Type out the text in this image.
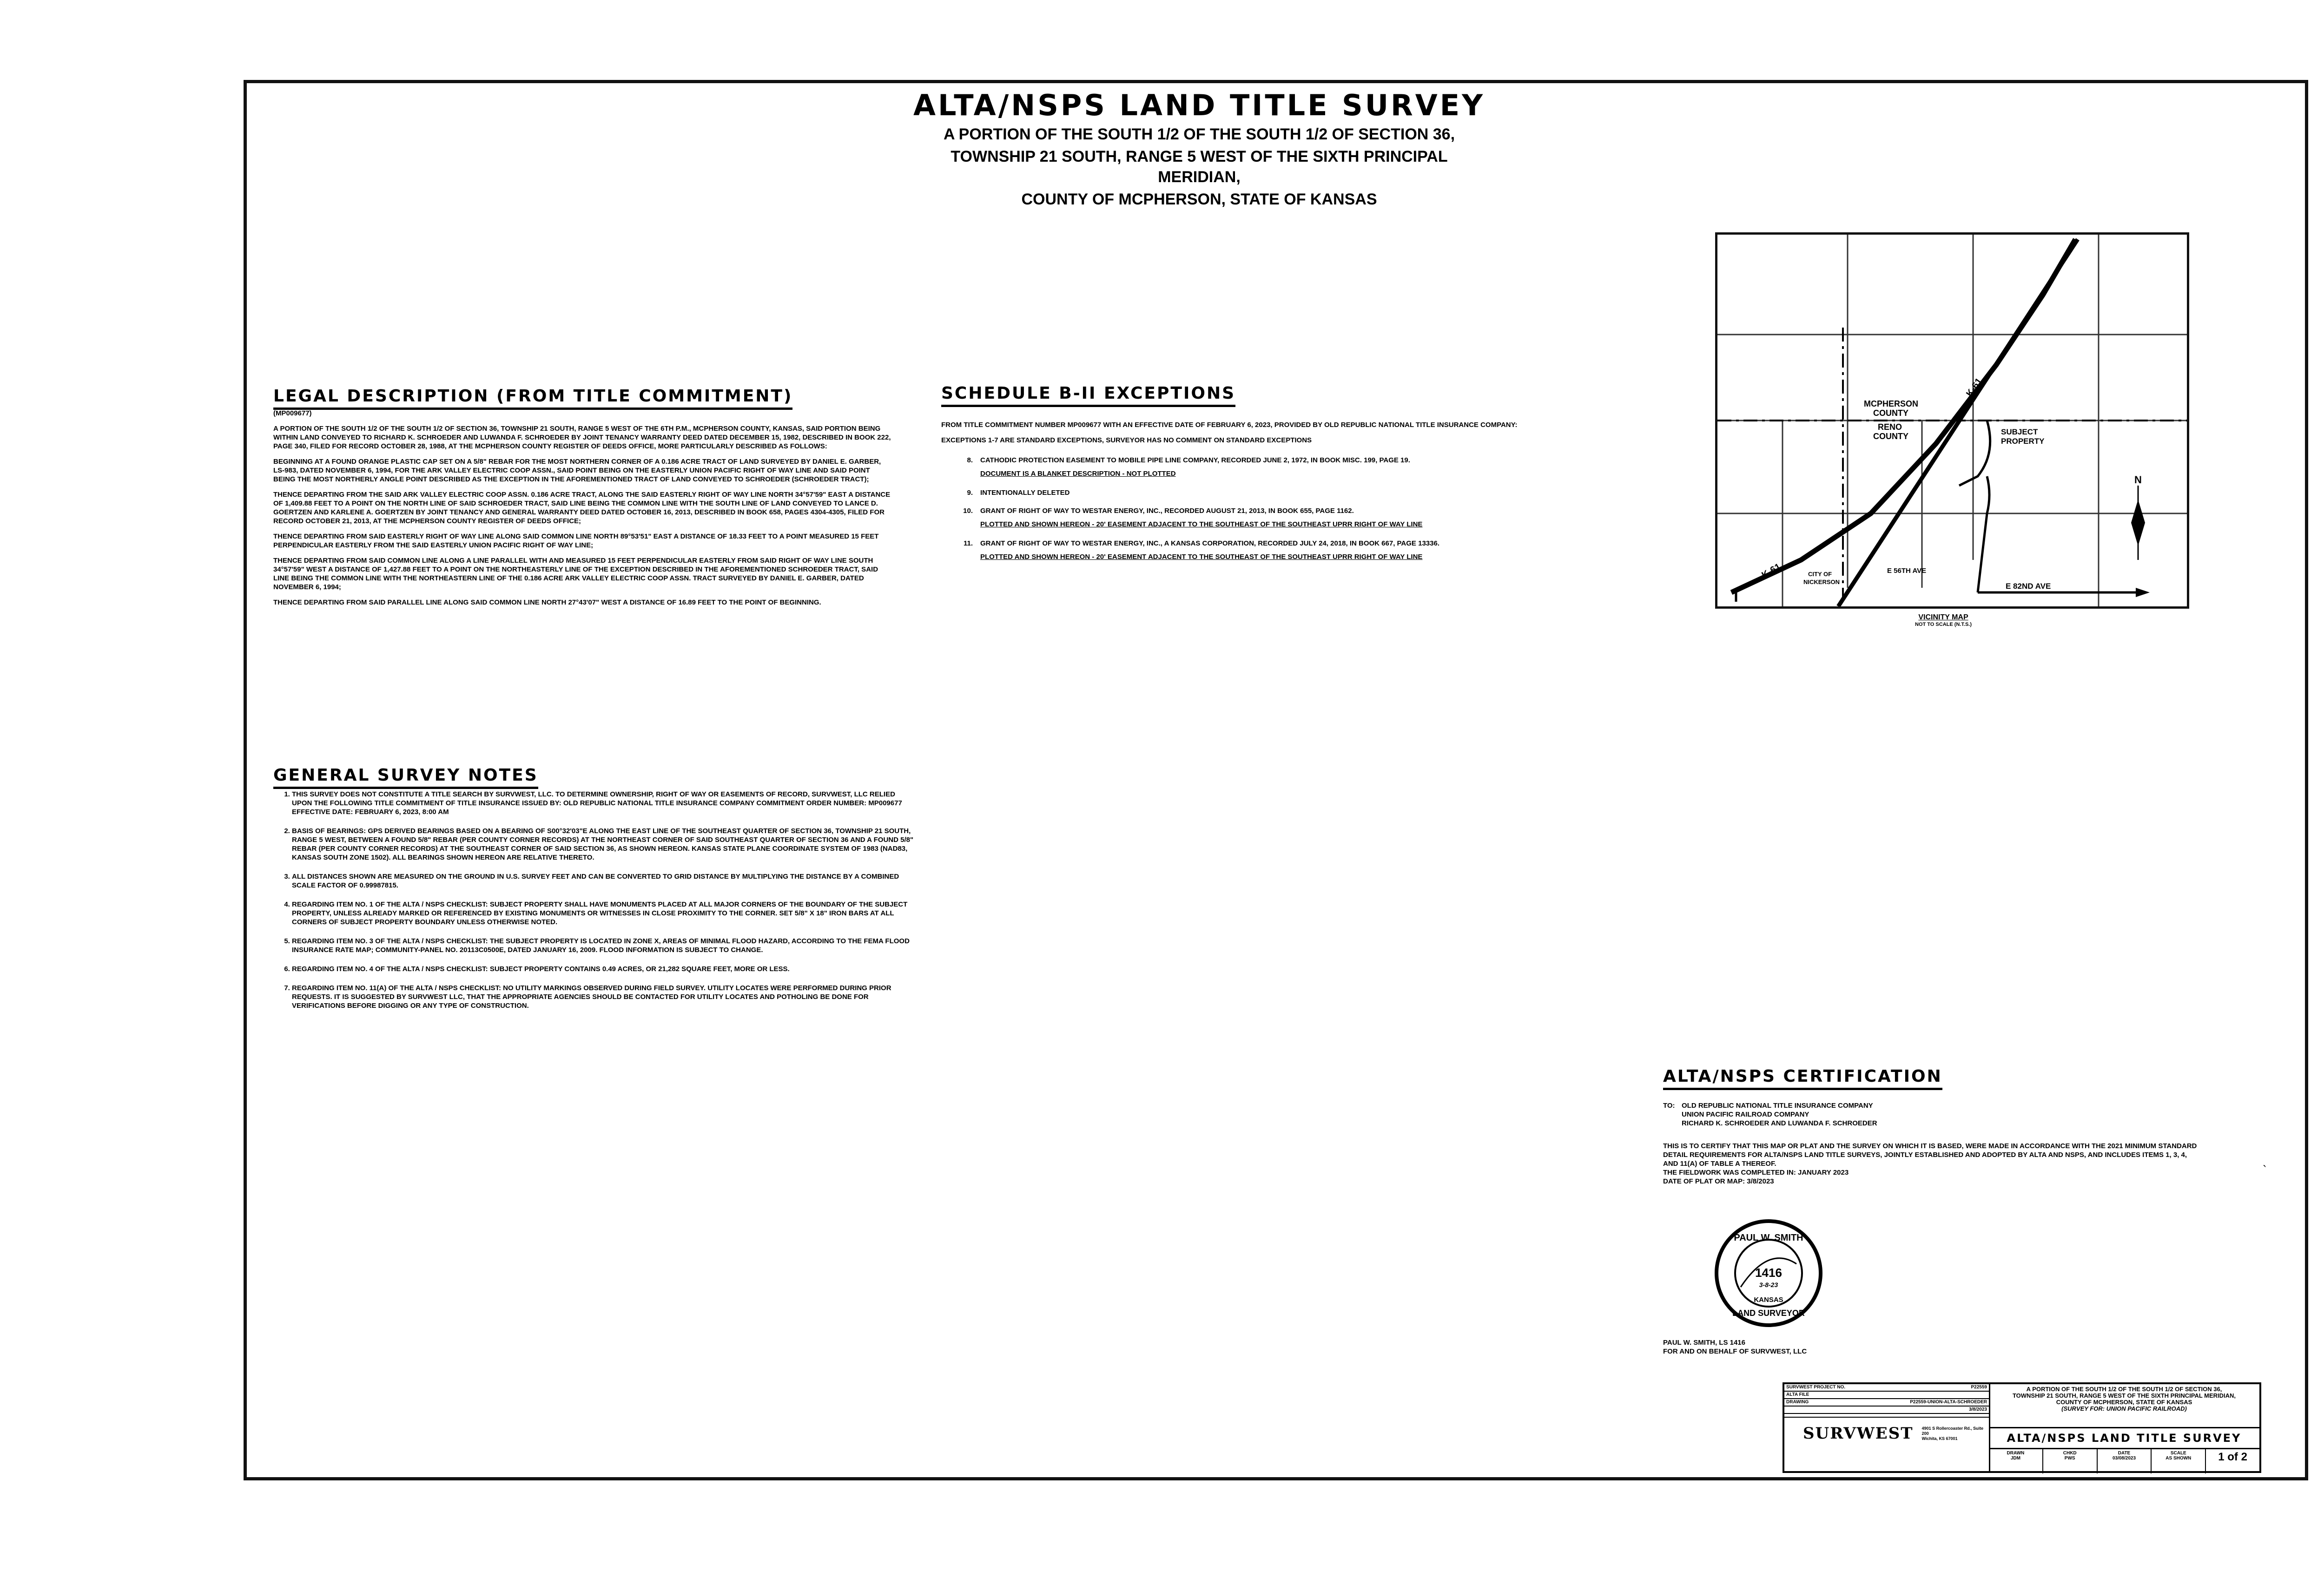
ALTA/NSPS LAND TITLE SURVEY
A PORTION OF THE SOUTH 1/2 OF THE SOUTH 1/2 OF SECTION 36,
TOWNSHIP 21 SOUTH, RANGE 5 WEST OF THE SIXTH PRINCIPAL MERIDIAN,
COUNTY OF MCPHERSON, STATE OF KANSAS
LEGAL DESCRIPTION (FROM TITLE COMMITMENT)

(MP009677)

A PORTION OF THE SOUTH 1/2 OF THE SOUTH 1/2 OF SECTION 36, TOWNSHIP 21 SOUTH, RANGE 5 WEST OF THE 6TH P.M., MCPHERSON COUNTY, KANSAS, SAID PORTION BEING WITHIN LAND CONVEYED TO RICHARD K. SCHROEDER AND LUWANDA F. SCHROEDER BY JOINT TENANCY WARRANTY DEED DATED DECEMBER 15, 1982, DESCRIBED IN BOOK 222, PAGE 340, FILED FOR RECORD OCTOBER 28, 1988, AT THE MCPHERSON COUNTY REGISTER OF DEEDS OFFICE, MORE PARTICULARLY DESCRIBED AS FOLLOWS:

BEGINNING AT A FOUND ORANGE PLASTIC CAP SET ON A 5/8" REBAR FOR THE MOST NORTHERN CORNER OF A 0.186 ACRE TRACT OF LAND SURVEYED BY DANIEL E. GARBER, LS-983, DATED NOVEMBER 6, 1994, FOR THE ARK VALLEY ELECTRIC COOP ASSN., SAID POINT BEING ON THE EASTERLY UNION PACIFIC RIGHT OF WAY LINE AND SAID POINT BEING THE MOST NORTHERLY ANGLE POINT DESCRIBED AS THE EXCEPTION IN THE AFOREMENTIONED TRACT OF LAND CONVEYED TO SCHROEDER (SCHROEDER TRACT);

THENCE DEPARTING FROM THE SAID ARK VALLEY ELECTRIC COOP ASSN. 0.186 ACRE TRACT, ALONG THE SAID EASTERLY RIGHT OF WAY LINE NORTH 34°57'59" EAST A DISTANCE OF 1,409.88 FEET TO A POINT ON THE NORTH LINE OF SAID SCHROEDER TRACT, SAID LINE BEING THE COMMON LINE WITH THE SOUTH LINE OF LAND CONVEYED TO LANCE D. GOERTZEN AND KARLENE A. GOERTZEN BY JOINT TENANCY AND GENERAL WARRANTY DEED DATED OCTOBER 16, 2013, DESCRIBED IN BOOK 658, PAGES 4304-4305, FILED FOR RECORD OCTOBER 21, 2013, AT THE MCPHERSON COUNTY REGISTER OF DEEDS OFFICE;

THENCE DEPARTING FROM SAID EASTERLY RIGHT OF WAY LINE ALONG SAID COMMON LINE NORTH 89°53'51" EAST A DISTANCE OF 18.33 FEET TO A POINT MEASURED 15 FEET PERPENDICULAR EASTERLY FROM THE SAID EASTERLY UNION PACIFIC RIGHT OF WAY LINE;

THENCE DEPARTING FROM SAID COMMON LINE ALONG A LINE PARALLEL WITH AND MEASURED 15 FEET PERPENDICULAR EASTERLY FROM SAID RIGHT OF WAY LINE SOUTH 34°57'59" WEST A DISTANCE OF 1,427.88 FEET TO A POINT ON THE NORTHEASTERLY LINE OF THE EXCEPTION DESCRIBED IN THE AFOREMENTIONED SCHROEDER TRACT, SAID LINE BEING THE COMMON LINE WITH THE NORTHEASTERN LINE OF THE 0.186 ACRE ARK VALLEY ELECTRIC COOP ASSN. TRACT SURVEYED BY DANIEL E. GARBER, DATED NOVEMBER 6, 1994;

THENCE DEPARTING FROM SAID PARALLEL LINE ALONG SAID COMMON LINE NORTH 27°43'07" WEST A DISTANCE OF 16.89 FEET TO THE POINT OF BEGINNING.

GENERAL SURVEY NOTES
1. THIS SURVEY DOES NOT CONSTITUTE A TITLE SEARCH BY SURVWEST, LLC. TO DETERMINE OWNERSHIP, RIGHT OF WAY OR EASEMENTS OF RECORD, SURVWEST, LLC RELIED UPON THE FOLLOWING TITLE COMMITMENT OF TITLE INSURANCE ISSUED BY: OLD REPUBLIC NATIONAL TITLE INSURANCE COMPANY COMMITMENT ORDER NUMBER: MP009677 EFFECTIVE DATE: FEBRUARY 6, 2023, 8:00 AM
2. BASIS OF BEARINGS: GPS DERIVED BEARINGS BASED ON A BEARING OF S00°32'03"E ALONG THE EAST LINE OF THE SOUTHEAST QUARTER OF SECTION 36, TOWNSHIP 21 SOUTH, RANGE 5 WEST, BETWEEN A FOUND 5/8" REBAR (PER COUNTY CORNER RECORDS) AT THE NORTHEAST CORNER OF SAID SOUTHEAST QUARTER OF SECTION 36 AND A FOUND 5/8" REBAR (PER COUNTY CORNER RECORDS) AT THE SOUTHEAST CORNER OF SAID SECTION 36, AS SHOWN HEREON. KANSAS STATE PLANE COORDINATE SYSTEM OF 1983 (NAD83, KANSAS SOUTH ZONE 1502). ALL BEARINGS SHOWN HEREON ARE RELATIVE THERETO.
3. ALL DISTANCES SHOWN ARE MEASURED ON THE GROUND IN U.S. SURVEY FEET AND CAN BE CONVERTED TO GRID DISTANCE BY MULTIPLYING THE DISTANCE BY A COMBINED SCALE FACTOR OF 0.99987815.
4. REGARDING ITEM NO. 1 OF THE ALTA / NSPS CHECKLIST: SUBJECT PROPERTY SHALL HAVE MONUMENTS PLACED AT ALL MAJOR CORNERS OF THE BOUNDARY OF THE SUBJECT PROPERTY, UNLESS ALREADY MARKED OR REFERENCED BY EXISTING MONUMENTS OR WITNESSES IN CLOSE PROXIMITY TO THE CORNER. SET 5/8" X 18" IRON BARS AT ALL CORNERS OF SUBJECT PROPERTY BOUNDARY UNLESS OTHERWISE NOTED.
5. REGARDING ITEM NO. 3 OF THE ALTA / NSPS CHECKLIST: THE SUBJECT PROPERTY IS LOCATED IN ZONE X, AREAS OF MINIMAL FLOOD HAZARD, ACCORDING TO THE FEMA FLOOD INSURANCE RATE MAP; COMMUNITY-PANEL NO. 20113C0500E, DATED JANUARY 16, 2009. FLOOD INFORMATION IS SUBJECT TO CHANGE.
6. REGARDING ITEM NO. 4 OF THE ALTA / NSPS CHECKLIST: SUBJECT PROPERTY CONTAINS 0.49 ACRES, OR 21,282 SQUARE FEET, MORE OR LESS.
7. REGARDING ITEM NO. 11(A) OF THE ALTA / NSPS CHECKLIST: NO UTILITY MARKINGS OBSERVED DURING FIELD SURVEY. UTILITY LOCATES WERE PERFORMED DURING PRIOR REQUESTS. IT IS SUGGESTED BY SURVWEST LLC, THAT THE APPROPRIATE AGENCIES SHOULD BE CONTACTED FOR UTILITY LOCATES AND POTHOLING BE DONE FOR VERIFICATIONS BEFORE DIGGING OR ANY TYPE OF CONSTRUCTION.
SCHEDULE B-II EXCEPTIONS

FROM TITLE COMMITMENT NUMBER MP009677 WITH AN EFFECTIVE DATE OF FEBRUARY 6, 2023, PROVIDED BY OLD REPUBLIC NATIONAL TITLE INSURANCE COMPANY:

EXCEPTIONS 1-7 ARE STANDARD EXCEPTIONS, SURVEYOR HAS NO COMMENT ON STANDARD EXCEPTIONS

8.	CATHODIC PROTECTION EASEMENT TO MOBILE PIPE LINE COMPANY, RECORDED JUNE 2, 1972, IN BOOK MISC. 199, PAGE 19.
DOCUMENT IS A BLANKET DESCRIPTION - NOT PLOTTED
9.	INTENTIONALLY DELETED
10.	GRANT OF RIGHT OF WAY TO WESTAR ENERGY, INC., RECORDED AUGUST 21, 2013, IN BOOK 655, PAGE 1162.
PLOTTED AND SHOWN HEREON - 20' EASEMENT ADJACENT TO THE SOUTHEAST OF THE SOUTHEAST UPRR RIGHT OF WAY LINE
11.	GRANT OF RIGHT OF WAY TO WESTAR ENERGY, INC., A KANSAS CORPORATION, RECORDED JULY 24, 2018, IN BOOK 667, PAGE 13336.
PLOTTED AND SHOWN HEREON - 20' EASEMENT ADJACENT TO THE SOUTHEAST OF THE SOUTHEAST UPRR RIGHT OF WAY LINE
N
MCPHERSON
COUNTY
RENO
COUNTY	SUBJECT
PROPERTY
K-61
K-61	CITY OF
NICKERSON
E 56TH AVE
E 82ND AVE
VICINITY MAP
NOT TO SCALE (N.T.S.)
ALTA/NSPS CERTIFICATION
TO: OLD REPUBLIC NATIONAL TITLE INSURANCE COMPANY
UNION PACIFIC RAILROAD COMPANY
RICHARD K. SCHROEDER AND LUWANDA F. SCHROEDER
THIS IS TO CERTIFY THAT THIS MAP OR PLAT AND THE SURVEY ON WHICH IT IS BASED, WERE MADE IN ACCORDANCE WITH THE 2021 MINIMUM STANDARD DETAIL REQUIREMENTS FOR ALTA/NSPS LAND TITLE SURVEYS, JOINTLY ESTABLISHED AND ADOPTED BY ALTA AND NSPS, AND INCLUDES ITEMS 1, 3, 4, AND 11(A) OF TABLE A THEREOF.
THE FIELDWORK WAS COMPLETED IN: JANUARY 2023
DATE OF PLAT OR MAP: 3/8/2023
PAUL W. SMITH
1416
3-8-23
KANSAS
LAND SURVEYOR
PAUL W. SMITH, LS 1416
FOR AND ON BEHALF OF SURVWEST, LLC
SURVWEST PROJECT NO.	P22559
ALTA FILE
DRAWING	P22559-UNION-ALTA-SCHROEDER
3/8/2023
SURVWEST 4901 S Rollercoaster Rd., Suite 200
Wichita, KS 67001
A PORTION OF THE SOUTH 1/2 OF THE SOUTH 1/2 OF SECTION 36,
TOWNSHIP 21 SOUTH, RANGE 5 WEST OF THE SIXTH PRINCIPAL MERIDIAN,
COUNTY OF MCPHERSON, STATE OF KANSAS
(SURVEY FOR: UNION PACIFIC RAILROAD)
ALTA/NSPS LAND TITLE SURVEY
DRAWN
JDM
CHKD
PWS
DATE
03/08/2023
SCALE
AS SHOWN	1 of 2
`
